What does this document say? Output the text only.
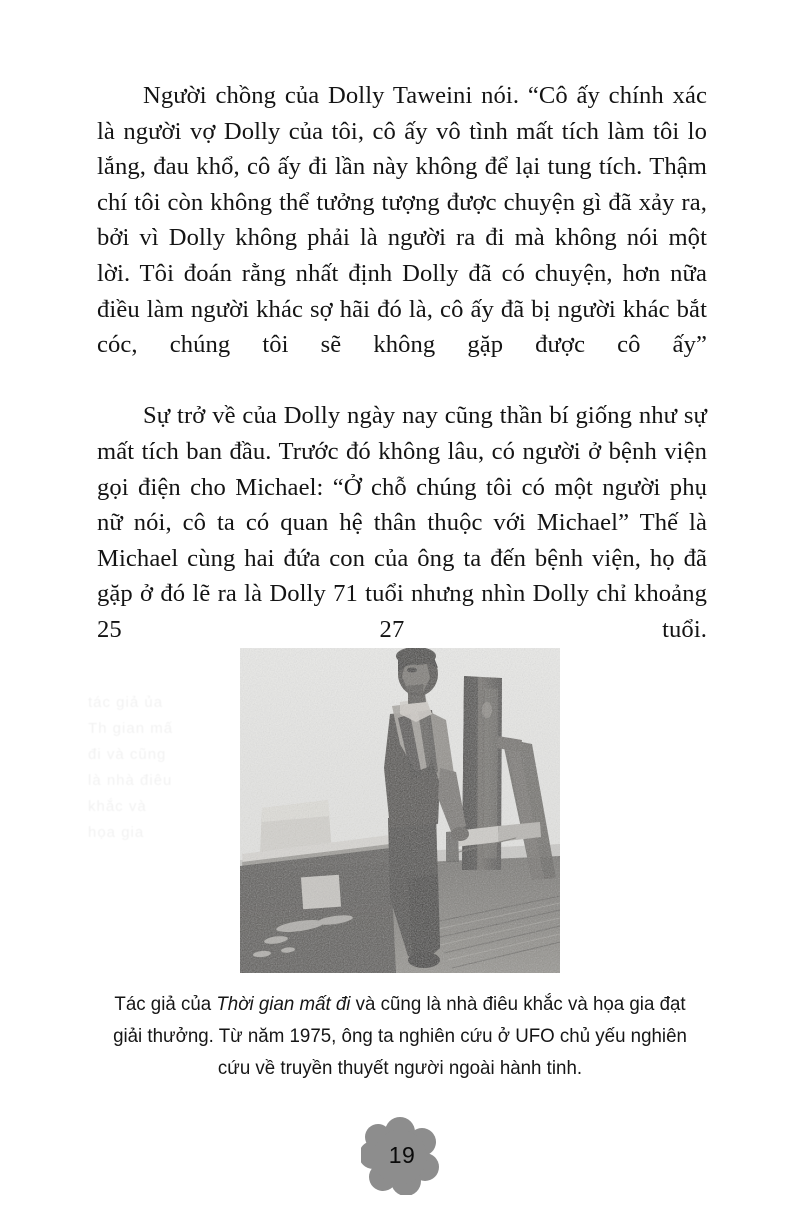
tác giả ủa Th gian mấ đi và cũng là nhà điêu khắc và họa gia

Người chồng của Dolly Taweini nói. “Cô ấy chính xác là người vợ Dolly của tôi, cô ấy vô tình mất tích làm tôi lo lắng, đau khổ, cô ấy đi lần này không để lại tung tích. Thậm chí tôi còn không thể tưởng tượng được chuyện gì đã xảy ra, bởi vì Dolly không phải là người ra đi mà không nói một lời. Tôi đoán rằng nhất định Dolly đã có chuyện, hơn nữa điều làm người khác sợ hãi đó là, cô ấy đã bị người khác bắt cóc, chúng tôi sẽ không gặp được cô ấy”

Sự trở về của Dolly ngày nay cũng thần bí giống như sự mất tích ban đầu. Trước đó không lâu, có người ở bệnh viện gọi điện cho Michael: “Ở chỗ chúng tôi có một người phụ nữ nói, cô ta có quan hệ thân thuộc với Michael” Thế là Michael cùng hai đứa con của ông ta đến bệnh viện, họ đã gặp ở đó lẽ ra là Dolly 71 tuổi nhưng nhìn Dolly chỉ khoảng 25 27 tuổi.

Tác giả của Thời gian mất đi và cũng là nhà điêu khắc và họa gia đạt giải thưởng. Từ năm 1975, ông ta nghiên cứu ở UFO chủ yếu nghiên cứu về truyền thuyết người ngoài hành tinh.
19
